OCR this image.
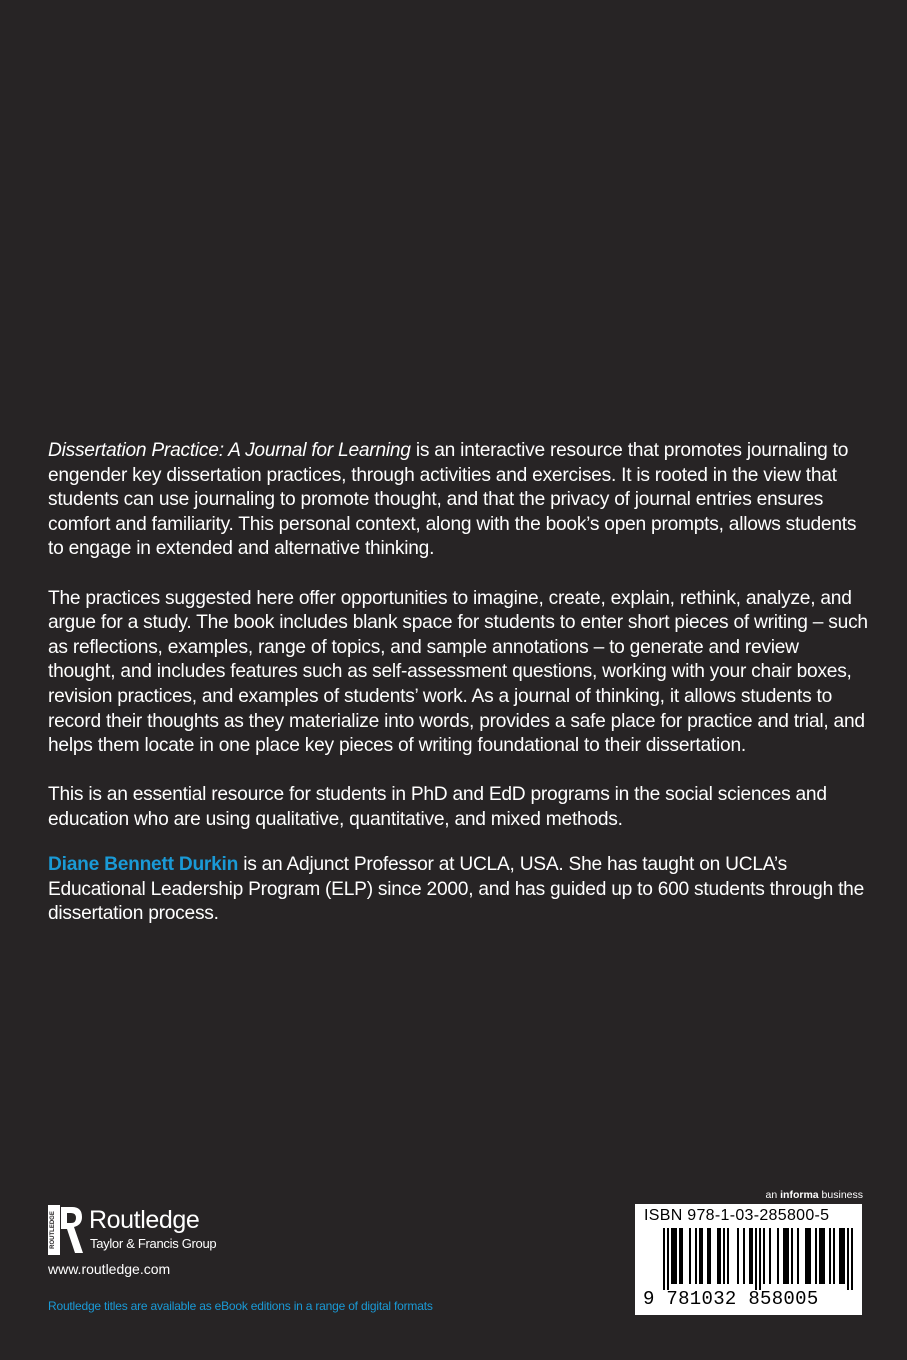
Dissertation Practice: A Journal for Learning is an interactive resource that promotes journaling to engender key dissertation practices, through activities and exercises. It is rooted in the view that students can use journaling to promote thought, and that the privacy of journal entries ensures comfort and familiarity. This personal context, along with the book’s open prompts, allows students to engage in extended and alternative thinking.

The practices suggested here offer opportunities to imagine, create, explain, rethink, analyze, and argue for a study. The book includes blank space for students to enter short pieces of writing – such as reflections, examples, range of topics, and sample annotations – to generate and review thought, and includes features such as self-assessment questions, working with your chair boxes, revision practices, and examples of students’ work. As a journal of thinking, it allows students to record their thoughts as they materialize into words, provides a safe place for practice and trial, and helps them locate in one place key pieces of writing foundational to their dissertation.

This is an essential resource for students in PhD and EdD programs in the social sciences and education who are using qualitative, quantitative, and mixed methods.

Diane Bennett Durkin is an Adjunct Professor at UCLA, USA. She has taught on UCLA’s Educational Leadership Program (ELP) since 2000, and has guided up to 600 students through the dissertation process.

ROUTLEDGE Routledge
Taylor & Francis Group
www.routledge.com
Routledge titles are available as eBook editions in a range of digital formats
an informa business
ISBN 978-1-03-285800-5
9 781032 858005
